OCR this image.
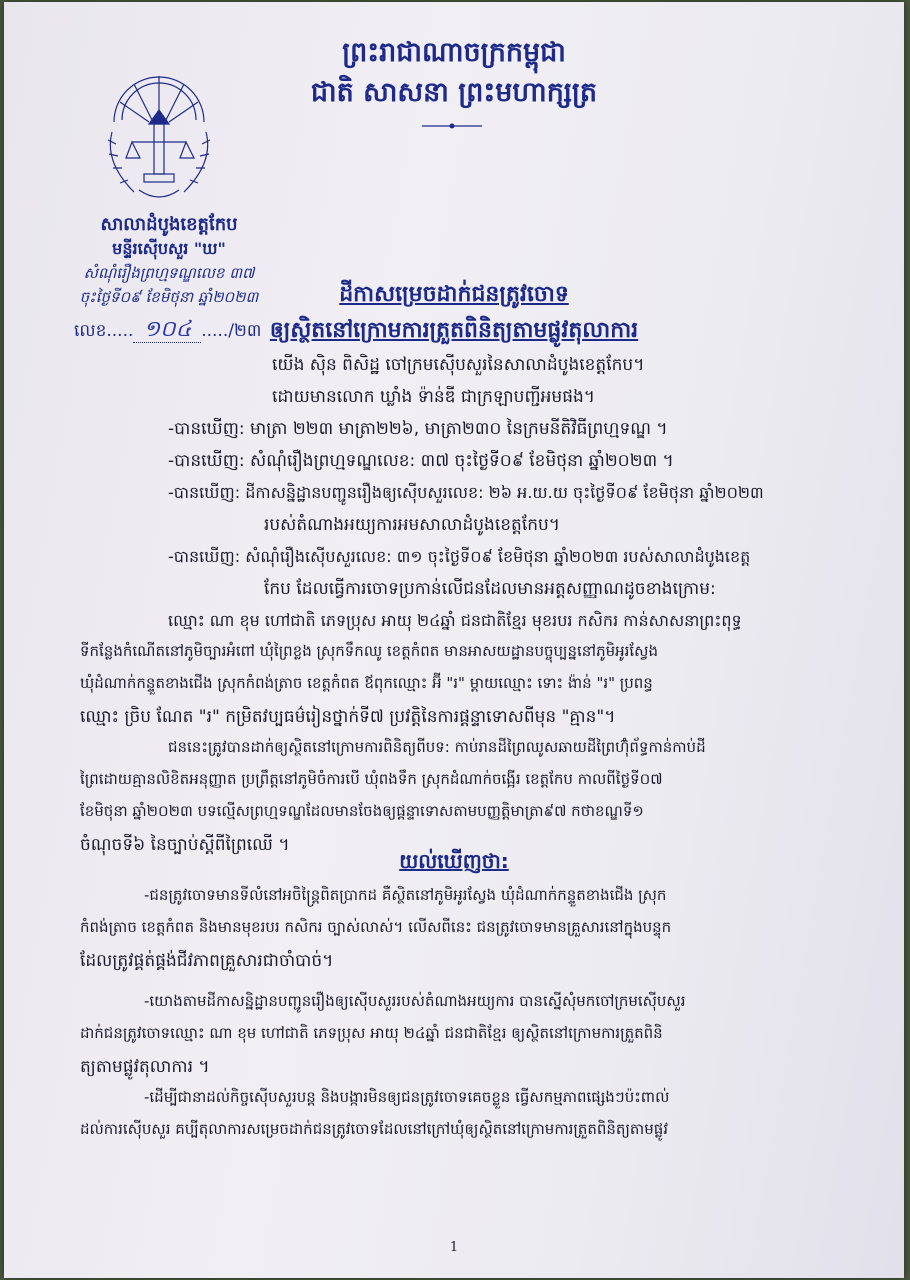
ព្រះរាជាណាចក្រកម្ពុជា
ជាតិ សាសនា ព្រះមហាក្សត្រ
សាលាដំបូងខេត្តកែប
មន្ទីរស៊ើបសួរ "ឃ"
សំណុំរឿងព្រហ្មទណ្ឌលេខ ៣៧
ចុះថ្ងៃទី០៩ ខែមិថុនា ឆ្នាំ២០២៣
លេខ..... ១០៤ ...../២៣
ដីកាសម្រេចដាក់ជនត្រូវចោទ
ឲ្យស្ថិតនៅក្រោមការត្រួតពិនិត្យតាមផ្លូវតុលាការ
យើង ស៊ិន ពិសិដ្ឋ ចៅក្រមស៊ើបសួរនៃសាលាដំបូងខេត្តកែប។
ដោយមានលោក ឃ្លាំង ទ៉ាន់ឌី ជាក្រឡាបញ្ជីអមផង។
-បានឃើញ: មាត្រា ២២៣ មាត្រា២២៦, មាត្រា២៣០ នៃក្រមនីតិវិធីព្រហ្មទណ្ឌ ។
-បានឃើញ: សំណុំរឿងព្រហ្មទណ្ឌលេខ: ៣៧ ចុះថ្ងៃទី០៩ ខែមិថុនា ឆ្នាំ២០២៣ ។
-បានឃើញ: ដីកាសន្និដ្ឋានបញ្ជូនរឿងឲ្យស៊ើបសួរលេខ: ២៦ អ.យ.យ ចុះថ្ងៃទី០៩ ខែមិថុនា ឆ្នាំ២០២៣
របស់តំណាងអយ្យការអមសាលាដំបូងខេត្តកែប។
-បានឃើញ: សំណុំរឿងស៊ើបសួរលេខ: ៣១ ចុះថ្ងៃទី០៩ ខែមិថុនា ឆ្នាំ២០២៣ របស់សាលាដំបូងខេត្ត
កែប ដែលធ្វើការចោទប្រកាន់លើជនដែលមានអត្តសញ្ញាណដូចខាងក្រោម:
ឈ្មោះ ណា ខុម ហៅជាតិ ភេទប្រុស អាយុ ២៤ឆ្នាំ ជនជាតិខ្មែរ មុខរបរ កសិករ កាន់សាសនាព្រះពុទ្ធ
ទីកន្លែងកំណើតនៅភូមិច្បារអំពៅ ឃុំព្រៃខ្លង ស្រុកទឹកឈូ ខេត្តកំពត មានអាសយដ្ឋានបច្ចុប្បន្ននៅភូមិអូរស្វែង
ឃុំដំណាក់កន្ទួតខាងជើង ស្រុកកំពង់ត្រាច ខេត្តកំពត ឪពុកឈ្មោះ អ៊ី "រ" ម្តាយឈ្មោះ ទោះ ង៉ាន់ "រ" ប្រពន្ធ
ឈ្មោះ ច្រិប ណែត "រ" កម្រិតវប្បធម៌រៀនថ្នាក់ទី៧ ប្រវត្តិនៃការផ្តន្ទាទោសពីមុន "គ្មាន"។
ជននេះត្រូវបានដាក់ឲ្យស្ថិតនៅក្រោមការពិនិត្យពីបទ: កាប់រានដីព្រៃឈូសឆាយដីព្រៃហ៊ុំព័ទ្ធកាន់កាប់ដី
ព្រៃដោយគ្មានលិខិតអនុញ្ញាត ប្រព្រឹត្តនៅភូមិចំការបើ ឃុំពងទឹក ស្រុកដំណាក់ចង្អើរ ខេត្តកែប កាលពីថ្ងៃទី០៧
ខែមិថុនា ឆ្នាំ២០២៣ បទល្មើសព្រហ្មទណ្ឌដែលមានចែងឲ្យផ្តន្ទាទោសតាមបញ្ញត្តិមាត្រា៩៧ កថាខណ្ឌទី១
ចំណុចទី៦ នៃច្បាប់ស្តីពីព្រៃឈើ ។
យល់ឃើញថា:
-ជនត្រូវចោទមានទីលំនៅអចិន្ត្រៃពិតប្រាកដ គឺស្ថិតនៅភូមិអូរស្វែង ឃុំដំណាក់កន្ទួតខាងជើង ស្រុក
កំពង់ត្រាច ខេត្តកំពត និងមានមុខរបរ កសិករ ច្បាស់លាស់។ លើសពីនេះ ជនត្រូវចោទមានគ្រួសារនៅក្នុងបន្ទុក
ដែលត្រូវផ្គត់ផ្គង់ជីវភាពគ្រួសារជាចាំបាច់។
-យោងតាមដីកាសន្និដ្ឋានបញ្ជូនរឿងឲ្យស៊ើបសួររបស់តំណាងអយ្យការ បានស្នើសុំមកចៅក្រមស៊ើបសួរ
ដាក់ជនត្រូវចោទឈ្មោះ ណា ខុម ហៅជាតិ ភេទប្រុស អាយុ ២៤ឆ្នាំ ជនជាតិខ្មែរ ឲ្យស្ថិតនៅក្រោមការត្រួតពិនិ
ត្យតាមផ្លូវតុលាការ ។
-ដើម្បីជានាដល់កិច្ចស៊ើបសួរបន្ត និងបង្ការមិនឲ្យជនត្រូវចោទគេចខ្លួន ធ្វើសកម្មភាពផ្សេងៗប៉ះពាល់
ដល់ការស៊ើបសួរ គប្បីតុលាការសម្រេចដាក់ជនត្រូវចោទដែលនៅក្រៅឃុំឲ្យស្ថិតនៅក្រោមការត្រួតពិនិត្យតាមផ្លូវ
1
